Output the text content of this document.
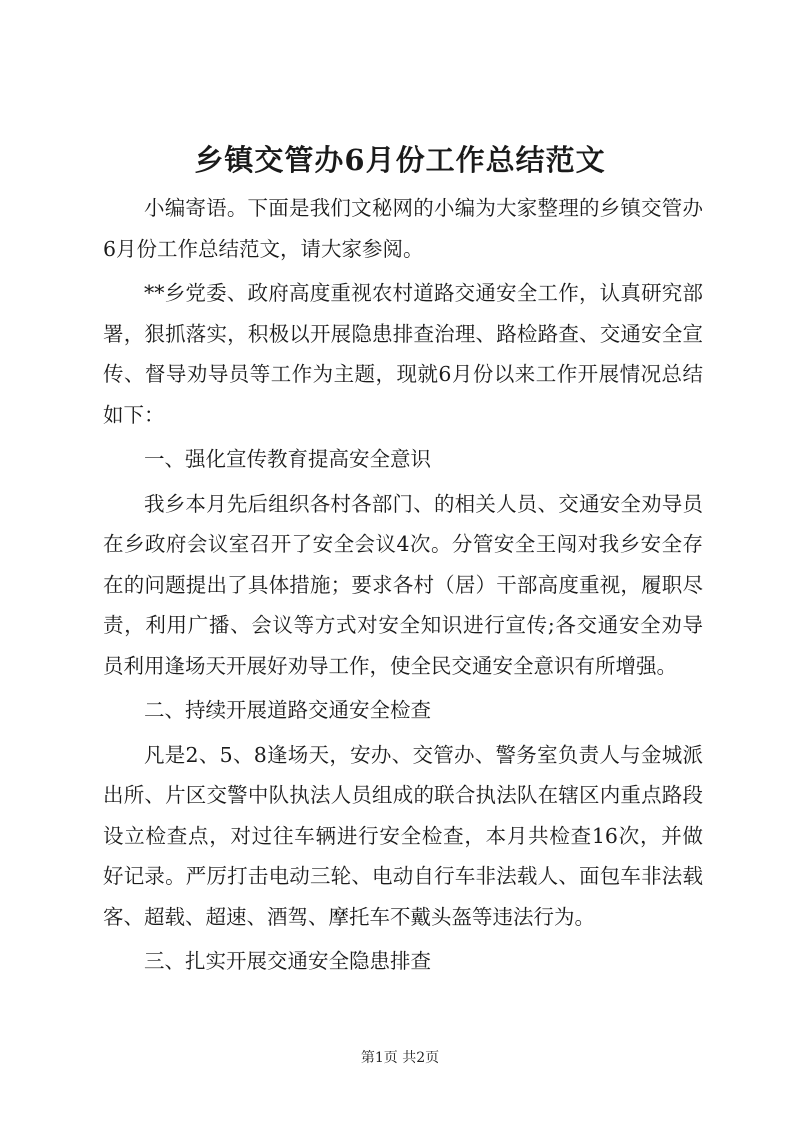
乡镇交管办6月份工作总结范文

小编寄语。下面是我们文秘网的小编为大家整理的乡镇交管办6月份工作总结范文，请大家参阅。

**乡党委、政府高度重视农村道路交通安全工作，认真研究部署，狠抓落实，积极以开展隐患排查治理、路检路查、交通安全宣传、督导劝导员等工作为主题，现就6月份以来工作开展情况总结如下：

一、强化宣传教育提高安全意识

我乡本月先后组织各村各部门、的相关人员、交通安全劝导员在乡政府会议室召开了安全会议4次。分管安全王闯对我乡安全存在的问题提出了具体措施；要求各村（居）干部高度重视，履职尽责，利用广播、会议等方式对安全知识进行宣传;各交通安全劝导员利用逢场天开展好劝导工作，使全民交通安全意识有所增强。

二、持续开展道路交通安全检查

凡是2、5、8逢场天，安办、交管办、警务室负责人与金城派出所、片区交警中队执法人员组成的联合执法队在辖区内重点路段设立检查点，对过往车辆进行安全检查，本月共检查16次，并做好记录。严厉打击电动三轮、电动自行车非法载人、面包车非法载客、超载、超速、酒驾、摩托车不戴头盔等违法行为。

三、扎实开展交通安全隐患排查

第1页 共2页
